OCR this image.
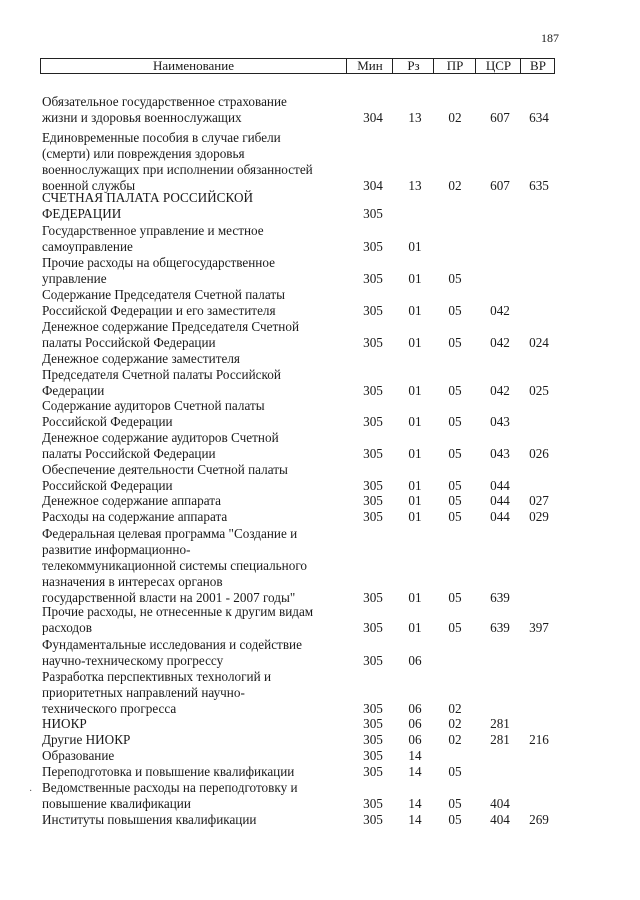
187
Наименование	Мин	Рз	ПР	ЦСР	ВР
Обязательное государственное страхование
жизни и здоровья военнослужащих	304	13	02	607	634
Единовременные пособия в случае гибели
(смерти) или повреждения здоровья
военнослужащих при исполнении обязанностей
военной службы	304	13	02	607	635
СЧЕТНАЯ ПАЛАТА РОССИЙСКОЙ
ФЕДЕРАЦИИ	305
Государственное управление и местное
самоуправление	305	01
Прочие расходы на общегосударственное
управление	305	01	05
Содержание Председателя Счетной палаты
Российской Федерации и его заместителя	305	01	05	042
Денежное содержание Председателя Счетной
палаты Российской Федерации	305	01	05	042	024
Денежное содержание заместителя
Председателя Счетной палаты Российской
Федерации	305	01	05	042	025
Содержание аудиторов Счетной палаты
Российской Федерации	305	01	05	043
Денежное содержание аудиторов Счетной
палаты Российской Федерации	305	01	05	043	026
Обеспечение деятельности Счетной палаты
Российской Федерации	305	01	05	044
Денежное содержание аппарата	305	01	05	044	027
Расходы на содержание аппарата	305	01	05	044	029
Федеральная целевая программа "Создание и
развитие информационно-
телекоммуникационной системы специального
назначения в интересах органов
государственной власти на 2001 - 2007 годы"	305	01	05	639
Прочие расходы, не отнесенные к другим видам
расходов	305	01	05	639	397
Фундаментальные исследования и содействие
научно-техническому прогрессу	305	06
Разработка перспективных технологий и
приоритетных направлений научно-
технического прогресса	305	06	02
НИОКР	305	06	02	281
Другие НИОКР	305	06	02	281	216
Образование	305	14
Переподготовка и повышение квалификации	305	14	05
Ведомственные расходы на переподготовку и
повышение квалификации	305	14	05	404
Институты повышения квалификации	305	14	05	404	269
·
